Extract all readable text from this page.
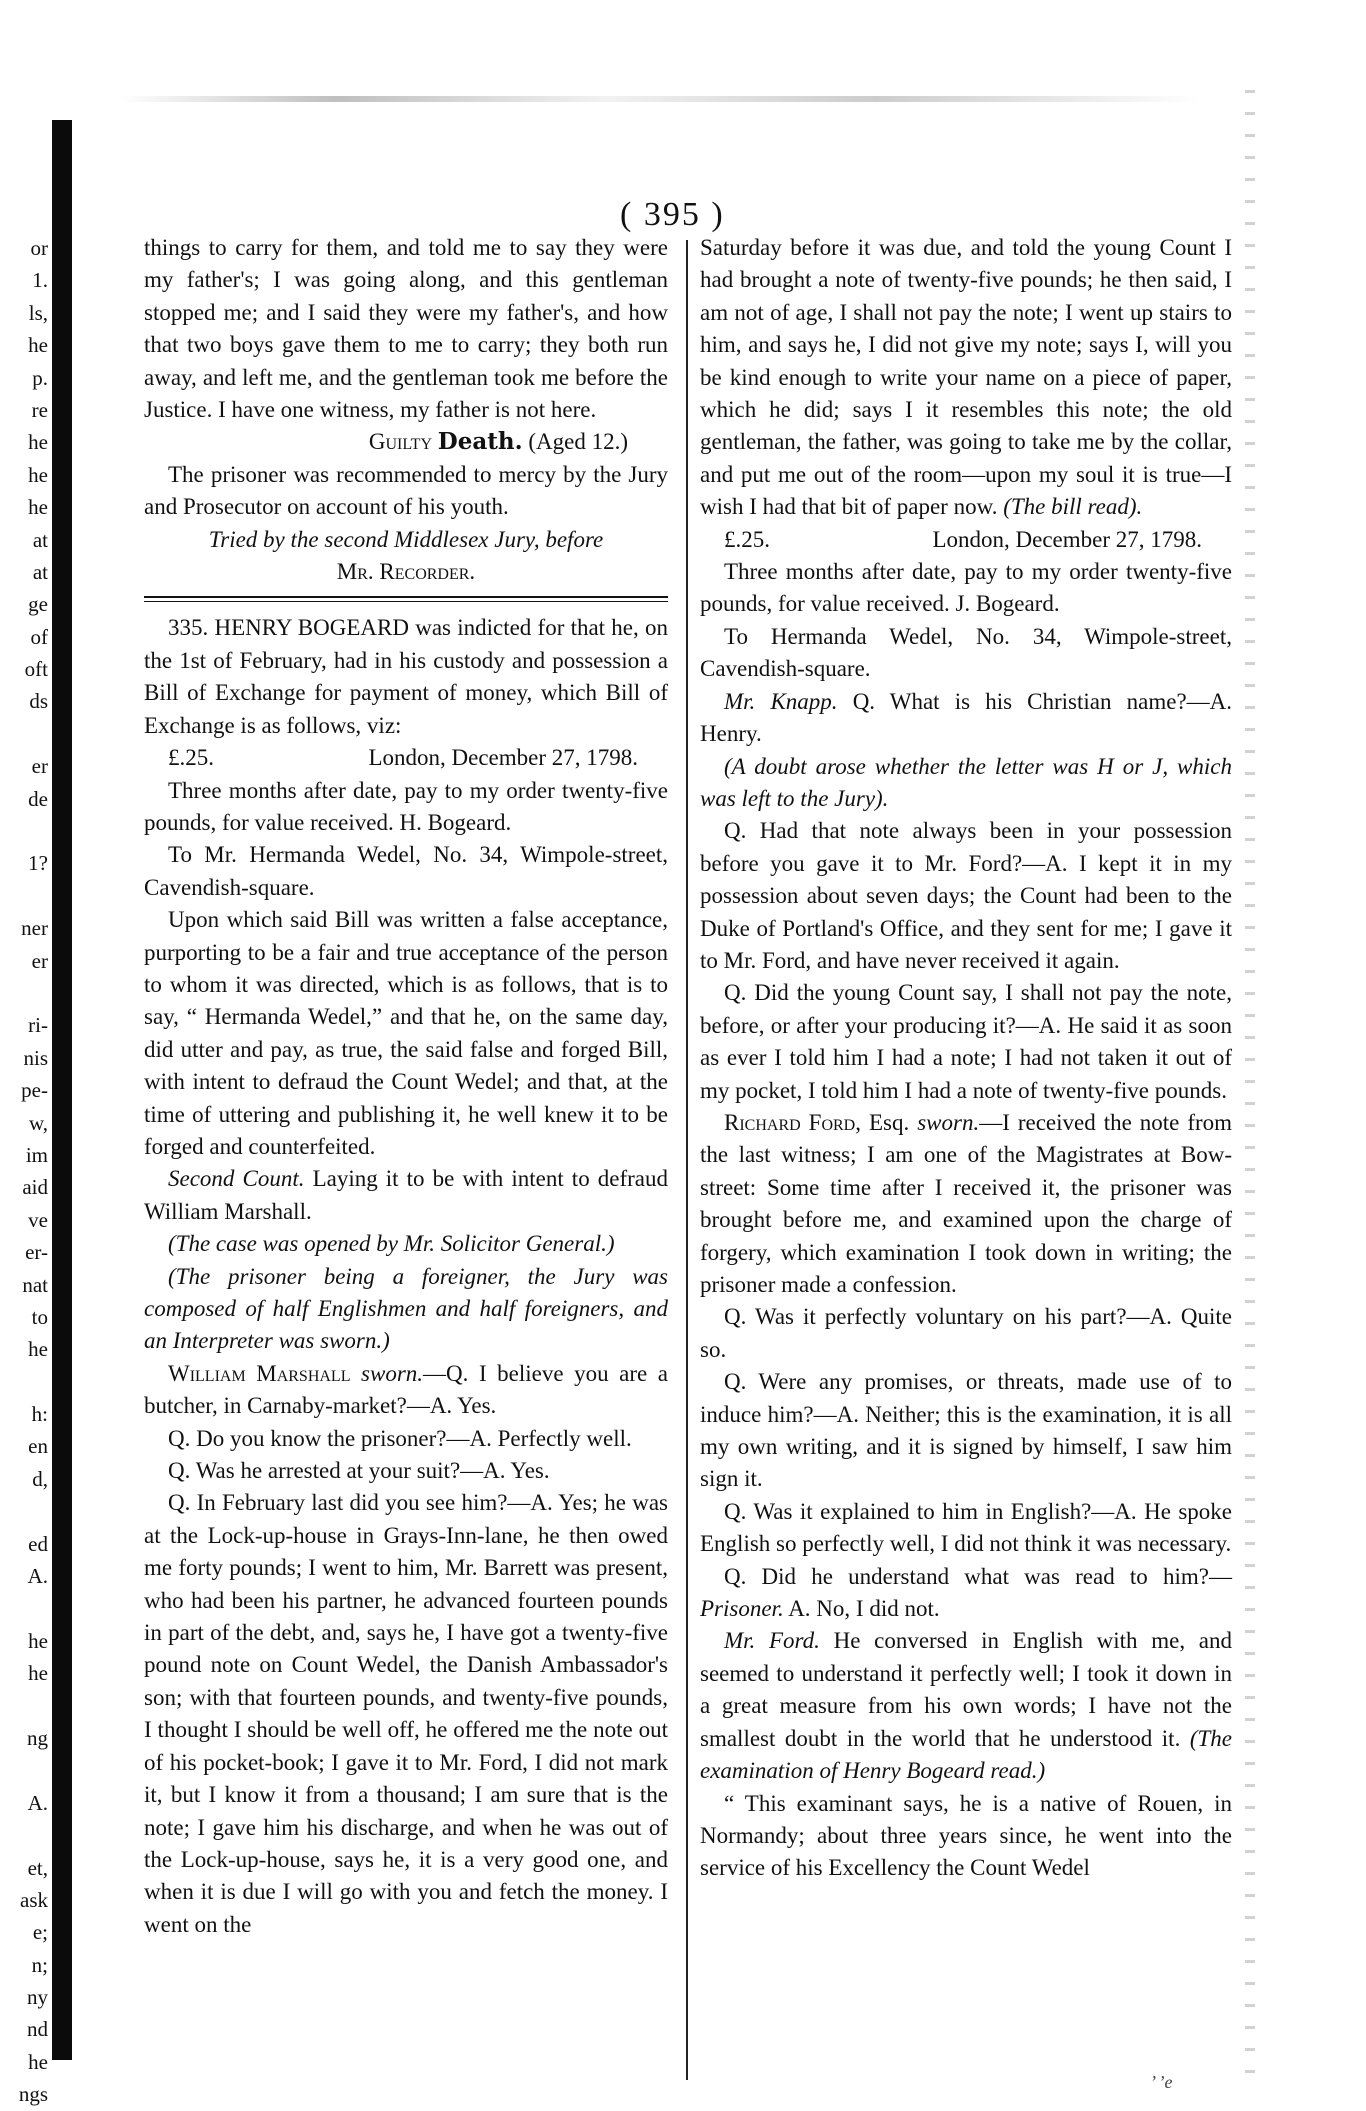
or
1.
ls,
he
p.
re
he
he
he
at
at
ge
of
oft
ds
er
de
1?
ner
er
ri-
nis
pe-
w,
im
aid
ve
er-
nat
to
he
h:
en
d,
ed
A.
he
he
ng
A.
et,
ask
e;
n;
ny
nd
he
ngs
( 395 )

things to carry for them, and told me to say they were my father's; I was going along, and this gentleman stopped me; and I said they were my father's, and how that two boys gave them to me to carry; they both run away, and left me, and the gentleman took me before the Justice. I have one witness, my father is not here.

Guilty Death. (Aged 12.)

The prisoner was recommended to mercy by the Jury and Prosecutor on account of his youth.

Tried by the second Middlesex Jury, before

Mr. Recorder.

335. HENRY BOGEARD was indicted for that he, on the 1st of February, had in his custody and possession a Bill of Exchange for payment of money, which Bill of Exchange is as follows, viz:

£.25.	London, December 27, 1798.

Three months after date, pay to my order twenty-five pounds, for value received. H. Bogeard.

To Mr. Hermanda Wedel, No. 34, Wimpole-street, Cavendish-square.

Upon which said Bill was written a false acceptance, purporting to be a fair and true acceptance of the person to whom it was directed, which is as follows, that is to say, “ Hermanda Wedel,” and that he, on the same day, did utter and pay, as true, the said false and forged Bill, with intent to defraud the Count Wedel; and that, at the time of uttering and publishing it, he well knew it to be forged and counterfeited.

Second Count. Laying it to be with intent to defraud William Marshall.

(The case was opened by Mr. Solicitor General.)

(The prisoner being a foreigner, the Jury was composed of half Englishmen and half foreigners, and an Interpreter was sworn.)

William Marshall sworn.—Q. I believe you are a butcher, in Carnaby-market?—A. Yes.

Q. Do you know the prisoner?—A. Perfectly well.

Q. Was he arrested at your suit?—A. Yes.

Q. In February last did you see him?—A. Yes; he was at the Lock-up-house in Grays-Inn-lane, he then owed me forty pounds; I went to him, Mr. Barrett was present, who had been his partner, he advanced fourteen pounds in part of the debt, and, says he, I have got a twenty-five pound note on Count Wedel, the Danish Ambassador's son; with that fourteen pounds, and twenty-five pounds, I thought I should be well off, he offered me the note out of his pocket-book; I gave it to Mr. Ford, I did not mark it, but I know it from a thousand; I am sure that is the note; I gave him his discharge, and when he was out of the Lock-up-house, says he, it is a very good one, and when it is due I will go with you and fetch the money. I went on the

Saturday before it was due, and told the young Count I had brought a note of twenty-five pounds; he then said, I am not of age, I shall not pay the note; I went up stairs to him, and says he, I did not give my note; says I, will you be kind enough to write your name on a piece of paper, which he did; says I it resembles this note; the old gentleman, the father, was going to take me by the collar, and put me out of the room—upon my soul it is true—I wish I had that bit of paper now. (The bill read).

£.25.	London, December 27, 1798.

Three months after date, pay to my order twenty-five pounds, for value received. J. Bogeard.

To Hermanda Wedel, No. 34, Wimpole-street, Cavendish-square.

Mr. Knapp. Q. What is his Christian name?—A. Henry.

(A doubt arose whether the letter was H or J, which was left to the Jury).

Q. Had that note always been in your possession before you gave it to Mr. Ford?—A. I kept it in my possession about seven days; the Count had been to the Duke of Portland's Office, and they sent for me; I gave it to Mr. Ford, and have never received it again.

Q. Did the young Count say, I shall not pay the note, before, or after your producing it?—A. He said it as soon as ever I told him I had a note; I had not taken it out of my pocket, I told him I had a note of twenty-five pounds.

Richard Ford, Esq. sworn.—I received the note from the last witness; I am one of the Magistrates at Bow-street: Some time after I received it, the prisoner was brought before me, and examined upon the charge of forgery, which examination I took down in writing; the prisoner made a confession.

Q. Was it perfectly voluntary on his part?—A. Quite so.

Q. Were any promises, or threats, made use of to induce him?—A. Neither; this is the examination, it is all my own writing, and it is signed by himself, I saw him sign it.

Q. Was it explained to him in English?—A. He spoke English so perfectly well, I did not think it was necessary.

Q. Did he understand what was read to him?— Prisoner. A. No, I did not.

Mr. Ford. He conversed in English with me, and seemed to understand it perfectly well; I took it down in a great measure from his own words; I have not the smallest doubt in the world that he understood it. (The examination of Henry Bogeard read.)

“ This examinant says, he is a native of Rouen, in Normandy; about three years since, he went into the service of his Excellency the Count Wedel

’ ’e
